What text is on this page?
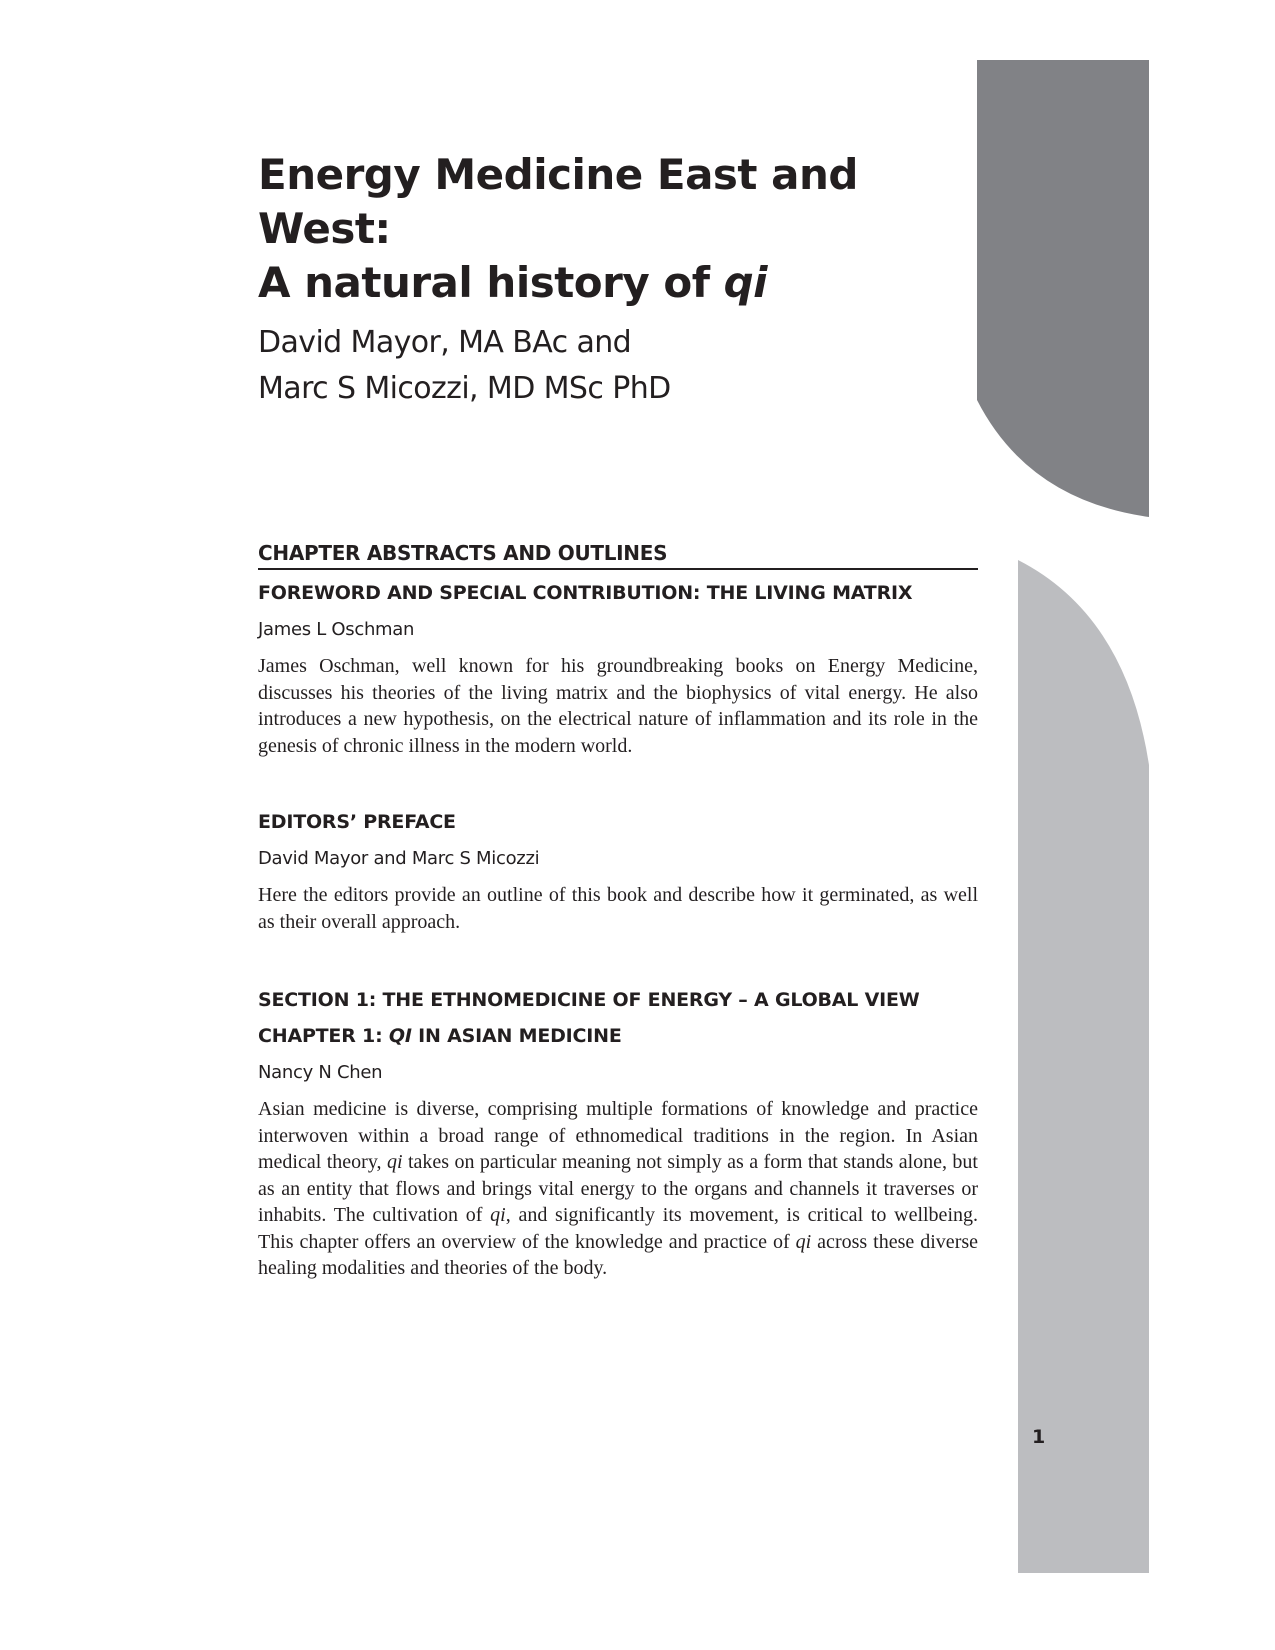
Energy Medicine East and West:
A natural history of qi

David Mayor, MA BAc and
Marc S Micozzi, MD MSc PhD

CHAPTER ABSTRACTS AND OUTLINES
FOREWORD AND SPECIAL CONTRIBUTION: THE LIVING MATRIX

James L Oschman

James Oschman, well known for his groundbreaking books on Energy Medicine, discusses his theories of the living matrix and the biophysics of vital energy. He also introduces a new hypothesis, on the electrical nature of inflammation and its role in the genesis of chronic illness in the modern world.

EDITORS’ PREFACE

David Mayor and Marc S Micozzi

Here the editors provide an outline of this book and describe how it germinated, as well as their overall approach.

SECTION 1: THE ETHNOMEDICINE OF ENERGY – A GLOBAL VIEW
CHAPTER 1: QI IN ASIAN MEDICINE

Nancy N Chen

Asian medicine is diverse, comprising multiple formations of knowledge and practice interwoven within a broad range of ethnomedical traditions in the region. In Asian medical theory, qi takes on particular meaning not simply as a form that stands alone, but as an entity that flows and brings vital energy to the organs and channels it traverses or inhabits. The cultivation of qi, and significantly its movement, is critical to wellbeing. This chapter offers an overview of the knowledge and practice of qi across these diverse healing modalities and theories of the body.

1
